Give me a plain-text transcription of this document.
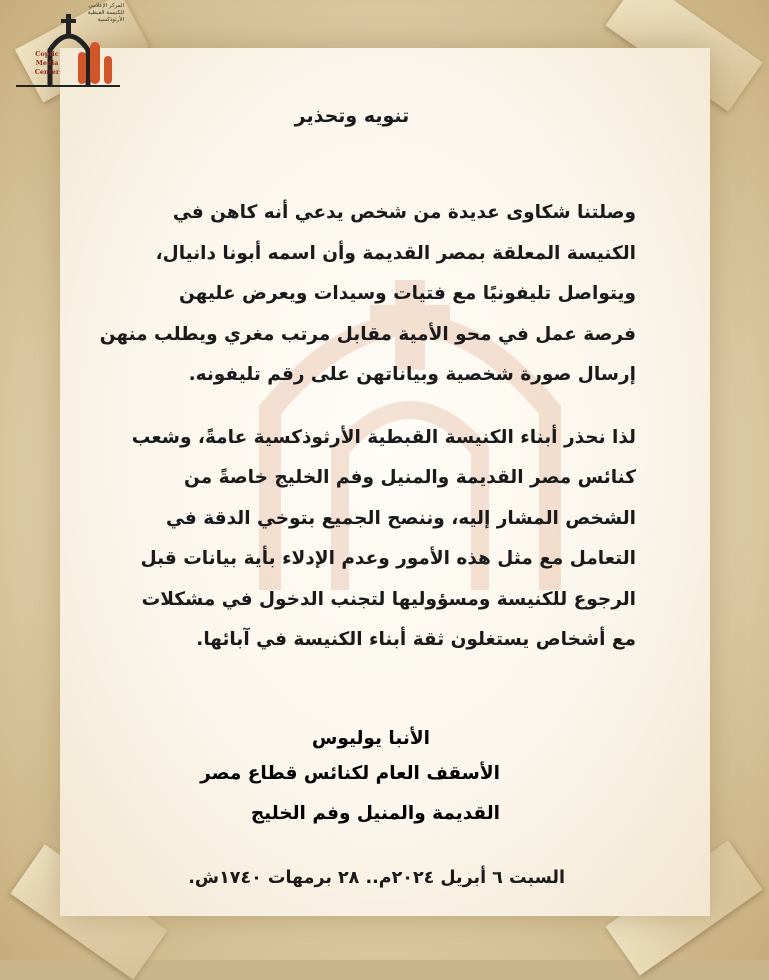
Coptic
Media
Center
المركز الإعلامي
للكنيسة القبطية الأرثوذكسية

تنويه وتحذير

وصلتنا شكاوى عديدة من شخص يدعي أنه كاهن في
الكنيسة المعلقة بمصر القديمة وأن اسمه أبونا دانيال،
ويتواصل تليفونيًا مع فتيات وسيدات ويعرض عليهن
فرصة عمل في محو الأمية مقابل مرتب مغري ويطلب منهن
إرسال صورة شخصية وبياناتهن على رقم تليفونه.

لذا نحذر أبناء الكنيسة القبطية الأرثوذكسية عامةً، وشعب
كنائس مصر القديمة والمنيل وفم الخليج خاصةً من
الشخص المشار إليه، وننصح الجميع بتوخي الدقة في
التعامل مع مثل هذه الأمور وعدم الإدلاء بأية بيانات قبل
الرجوع للكنيسة ومسؤوليها لتجنب الدخول في مشكلات
مع أشخاص يستغلون ثقة أبناء الكنيسة في آبائها.

الأنبا يوليوس
الأسقف العام لكنائس قطاع مصر
القديمة والمنيل وفم الخليج
السبت ٦ أبريل ٢٠٢٤م.. ٢٨ برمهات ١٧٤٠ش.
